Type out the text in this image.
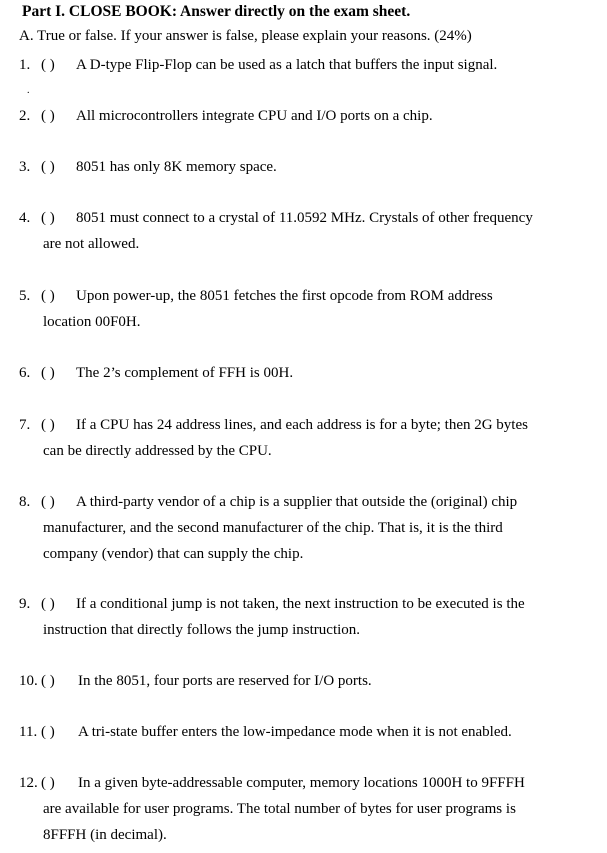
Part I. CLOSE BOOK: Answer directly on the exam sheet.
A. True or false. If your answer is false, please explain your reasons. (24%)
.
1. ( ) A D-type Flip-Flop can be used as a latch that buffers the input signal.
2. ( ) All microcontrollers integrate CPU and I/O ports on a chip.
3. ( ) 8051 has only 8K memory space.
4. ( ) 8051 must connect to a crystal of 11.0592 MHz. Crystals of other frequency
are not allowed.
5. ( ) Upon power-up, the 8051 fetches the first opcode from ROM address
location 00F0H.
6. ( ) The 2’s complement of FFH is 00H.
7. ( ) If a CPU has 24 address lines, and each address is for a byte; then 2G bytes
can be directly addressed by the CPU.
8. ( ) A third-party vendor of a chip is a supplier that outside the (original) chip
manufacturer, and the second manufacturer of the chip. That is, it is the third
company (vendor) that can supply the chip.
9. ( ) If a conditional jump is not taken, the next instruction to be executed is the
instruction that directly follows the jump instruction.
10. ( ) In the 8051, four ports are reserved for I/O ports.
11. ( ) A tri-state buffer enters the low-impedance mode when it is not enabled.
12. ( ) In a given byte-addressable computer, memory locations 1000H to 9FFFH
are available for user programs. The total number of bytes for user programs is
8FFFH (in decimal).
